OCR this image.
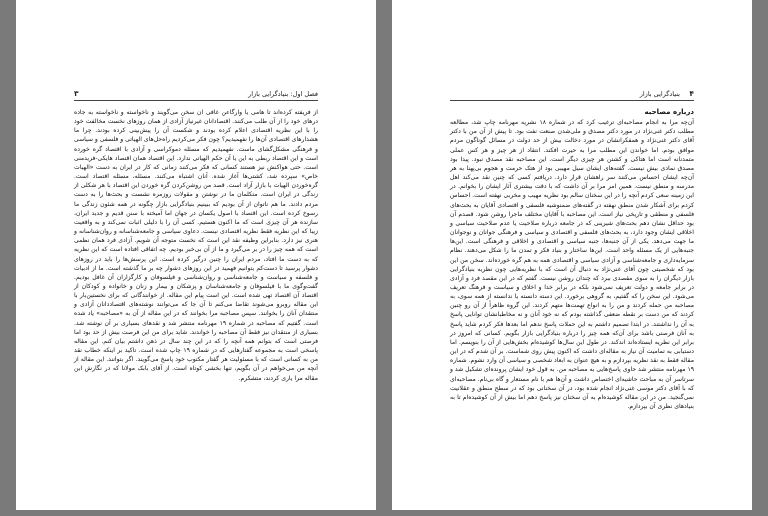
۳	فصل اول: بنیادگرایی بازار

از فریفته کرده‌اند تا هامی یا وارگاعن غافی ان سخن می‌گویند و ناخواسته و ناخواسته به جاده درهای خود را از آن طلب می‌کنند. اقتصادانان غیرنیاز آزادی از همان روزهای نخست مخالفت خود را با این نظریه اقتصادی اعلام کرده بودند و شکست آن را پیش‌بینی کرده بودند. چرا ما هشدارهای اقتصادی آن‌ها را نفهمیدیم؟ چون فکر می‌کردیم راه‌حل‌های الهیاتی و فلسفی و سیاسی و فرهنگی مشکل‌گشای ماست. نفهمیدیم که مسئله دموکراسی و آزادی با اقتصاد گره خورده است و این اقتصاد ربطی به این یا آن حکم الهیاتی ندارد. این اقتصاد همان اقتصاد هایکی-فریدمنی است. حتی هواکنش نیز هستند کسانی که فکر می‌کنند زمانی که کار در ایران به دست «الهیات خاص» سپرده شد، کشتی‌ها آغاز شده. آنان اشتباه می‌کنند. مسئله، مسئله اقتصاد است. گره‌خوردن الهیات با بازار آزاد است. قصد من روشن‌کردن گره‌ خوردن این اقتصاد با هر شکلی از زندگی در ایران است. متکلمان ما در نوشتن و مقولات روزمره نشست و بحث‌ها را به دست مردم دادند. ما هم ناتوان از آن بودیم که ببینیم بنیادگرایی بازار چگونه در همه شئون زندگی ما رسوخ کرده است. این اقتصاد با اصول یکسان در جهان اما آمیخته با سنن قدیم و جدید ایران، سازنده هر آن چیزی است که ما اکنون هستیم. کسی آن را با دلیلی اثبات نمی‌کند و به واقعیت زیبا که این نظریه فقط نظریه اقتصادی نیست. دعاوی سیاسی و جامعه‌شناسانه و روان‌شناسانه و هنری نیز دارد. بنابراین وظیفه نقد این است که نخست متوجه آن شویم. آزادی فرد همان نظمی است که همه چیز را در بر می‌گیرد و ما از آن بی‌خبر بودیم. چه اتفاقی افتاده است که این نظریه که به دست ما افتاد، مردم ایران را چنین درگیر کرده است. این پرسش‌ها را باید در روزهای دشوار پرسید تا دست‌کم بتوانیم فهمید در این روزهای دشوار چه بر ما گذشته است. ما از ادبیات و فلسفه و سیاست و جامعه‌شناسی و روان‌شناسی و فیلسوفان و کارگزاران آن غافل بودیم. گفت‌وگوی ما با فیلسوفان و جامعه‌شناسان و پزشکان و بیمار و زنان و خانواده و کودکان از اقتصاد آن اقتصاد تهی شده است. این است پیام این مقاله. از خوانندگانی که برای نخستین‌بار با این مقاله روبرو می‌شوند تقاضا می‌کنم تا آن جا که می‌توانند نوشته‌های اقتصاددانان آزادی و منتقدان آنان را بخوانند. سپس مصاحبه مرا بخوانند که در این مقاله از آن به «مصاحبه» یاد شده است. گفتیم که مصاحبه در شماره ۱۹ مهرنامه منتشر شد و نقدهای بسیاری بر آن نوشته شد. بسیاری از منتقدان نیز فقط آن مصاحبه را خواندند. شاید برای من این فرصت بیش از حد بود اما فرصتی است که بتوانم همه آنچه را که در این چند سال در ذهن داشتم بیان کنم. این مقاله پاسخی است به مجموعه گفتارهایی که در شماره ۱۹ چاپ شده است. تاکید بر اینکه خطاب نقد من به کسانی است که با مسئولیت هر گفتار مکتوب خود پاسخ می‌گویند. اگر بتوانند. این مقاله از آنچه من می‌خواهم در آن بگویم، تنها بخشی کوتاه است. از آقای بابک مولانا که در نگارش این مقاله مرا یاری کردند، متشکرم.

۴
بنیادگرایی بازار
درباره مصاحبه

آن‌چه مرا به انجام مصاحبه‌ای ترغیب کرد که در شماره ۱۸ نشریه مهرنامه چاپ شد، مطالعه مطلب دکتر غنی‌نژاد در مورد دکتر مصدق و ملی‌شدن صنعت نفت بود. تا پیش از آن من با دکتر آقای دکتر غنی‌نژاد و همفکرانشان در مورد دخالت بیش از حد دولت در مسائل گوناگون مردم موافق بودم. اما خواندن این مطلب مرا به حیرت افکند. انتقاد از هر چیز و هر کس عملی متمدنانه است اما هتاکی و کشتن هر چیزی دیگر است. این مصاحبه نقد مصدق نبود. پیدا بود مصدق نمادی بیش نیست. گفته‌های ایشان سیل مهیبی بود از هتک حرمت و هجوم بی‌پهنا به هر آن‌چه ایشان احساس می‌کنند سر راهشان قرار دارد. دریافتم کسی که چنین نقد می‌کند اهل مدرسه و منطق نیست. همین امر مرا بر آن داشت که با دقت بیشتری آثار ایشان را بخوانم. در این زمینه سعی کردم آنچه را در این سخنان سالم بود نظریه مهیب و مخربی نهفته است. احساس کردم برای آشکار شدن منطق نهفته در گفته‌های ضمنوشیه فلسفی و اقتصادی آقایان به بحث‌های فلسفی و منطقی و تاریخی نیاز است. این مصاحبه با آقایان مختلف ماجرا روشن شود. قصدم آن بود حداقل نشان دهم بحث‌های شیرینی که در جامعه درباره صلاحیت یا عدم صلاحیت سیاسی و اخلاقی ایشان وجود دارد، به بحث‌های فلسفی و اقتصادی و سیاسی و فرهنگی جوانان و نوجوانان ما جهت می‌دهد. یکی از آن جنبه‌ها، جنبه سیاسی و اقتصادی و اخلاقی و فرهنگی است. این‌ها جنبه‌هایی از یک مسئله واحد است. این‌ها ساختار و بنیاد فکر و تمدن ما را شکل می‌دهند. نظام سرمایه‌داری و جامعه‌شناسی و آزادی سیاسی و اقتصادی همه به هم گره خورده‌اند. سخن من این بود که شخصیتی چون آقای غنی‌نژاد به دنبال آن است که با نظریه‌هایی چون نظریه بنیادگرایی بازار دیگران را به سوی مقصدی ببرد که چندان روشن نیست. گفتم که در این مقصد فرد و آزادی در برابر جامعه و دولت تعریف نمی‌شود بلکه در برابر خدا و اخلاق و سیاست و فرهنگ تعریف می‌شود. این سخن را که گفتیم، به گروهی برخورد. این دسته دانسته یا ندانسته از همه سوی، به مصاحبه من حمله کردند و من را به انواع تهمت‌ها متهم کردند. این گروه ظاهراً از آن رو چنین کردند که من دست بر نقطه ضعفی گذاشته بودم که نه خود آنان و نه مخاطبانشان توانایی پاسخ به آن را نداشتند. در ابتدا تصمیم داشتم به این حملات پاسخ ندهم اما بعدها فکر کردم شاید پاسخ به آنان فرصتی باشد برای آن‌که همه چیز را درباره بنیادگرایی بازار بگویم. کسانی که امروز در برابر این نظریه ایستاده‌اند اندکند. در طول این سال‌ها کوشیده‌ام بخش‌هایی از آن را بنویسم. اما دستیابی به تمامیت آن نیاز به مقاله‌ای داشت که اکنون پیش روی شماست. بر آن شدم که در این مقاله فقط به نقد نظریه بپردازم و به هیچ عنوان به ابعاد شخصی و سیاسی آن وارد نشوم. شماره ۱۹ مهرنامه منتشر شد حاوی پاسخ‌هایی به مصاحبه من. به قول خود ایشان پرونده‌ای تشکیل شد و سرتاسر آن به مباحث حاشیه‌ای اختصاص داشت و آن‌ها هم با نام مستعار و گاه بی‌نام. مصاحبه‌ای که با آقای دکتر موسی غنی‌نژاد انجام شده بود، در آن سخنانی بود که در سطح منطق و عقلانیت نمی‌گنجید. من در این مقاله کوشیده‌ام به آن سخنان نیز پاسخ دهم اما بیش از آن کوشیده‌ام تا به بنیادهای نظری آن بپردازم.
